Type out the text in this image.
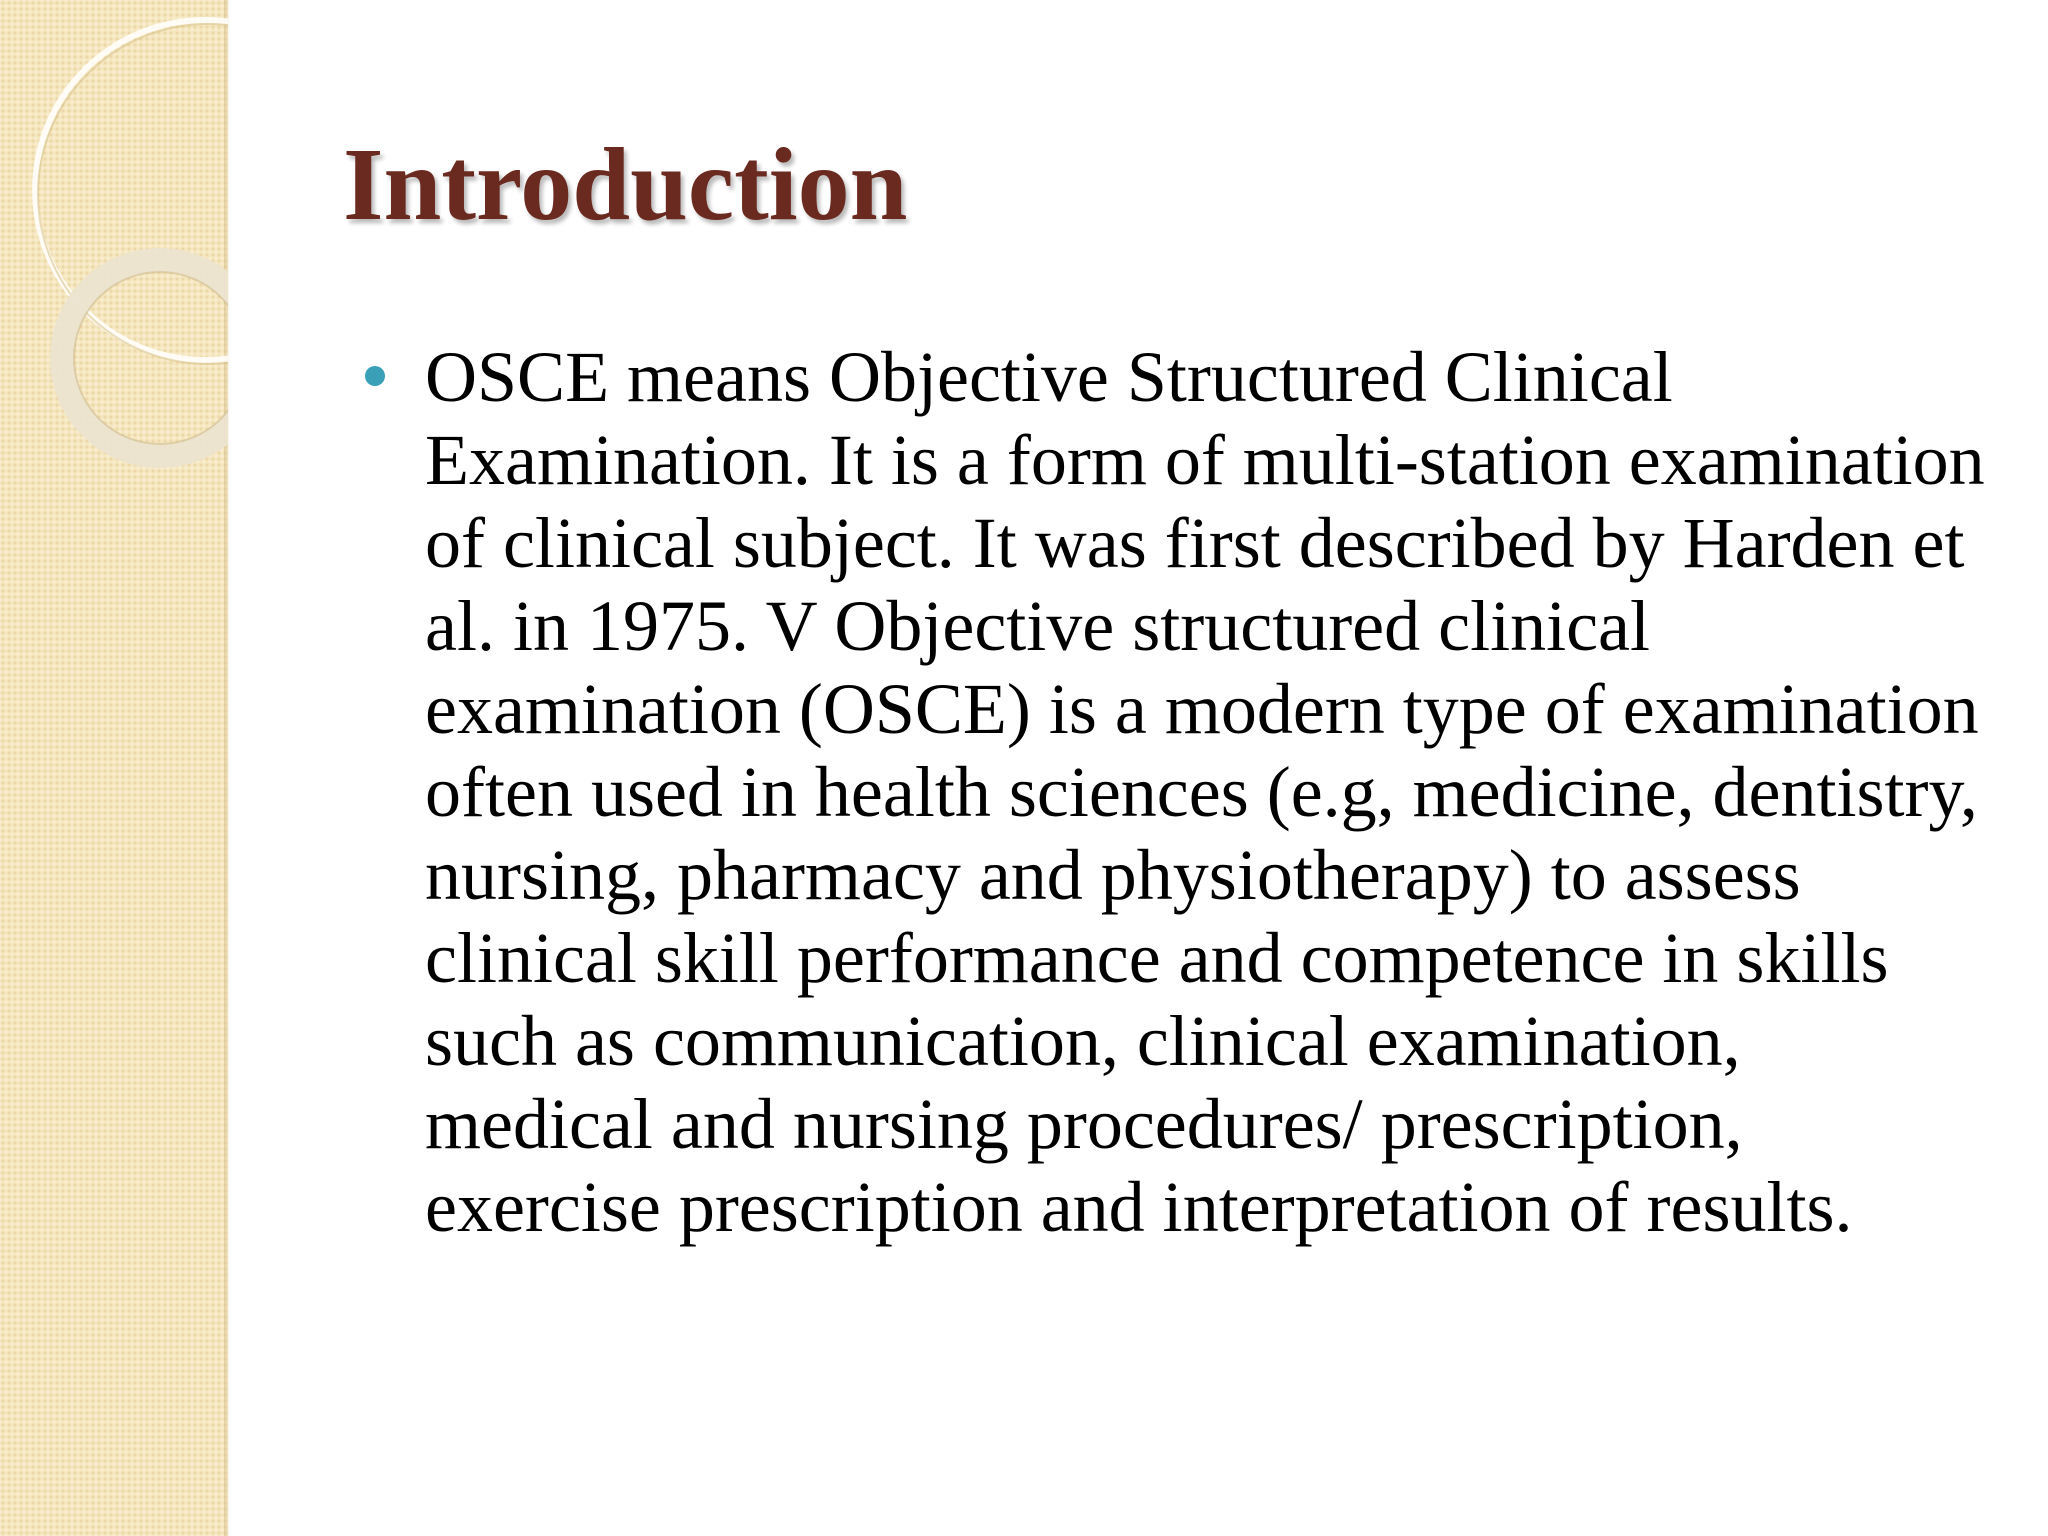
Introduction
OSCE means Objective Structured Clinical Examination. It is a form of multi-station examination of clinical subject. It was first described by Harden et al. in 1975. V Objective structured clinical examination (OSCE) is a modern type of examination often used in health sciences (e.g, medicine, dentistry, nursing, pharmacy and physiotherapy) to assess clinical skill performance and competence in skills such as communication, clinical examination, medical and nursing procedures/ prescription, exercise prescription and interpretation of results.
